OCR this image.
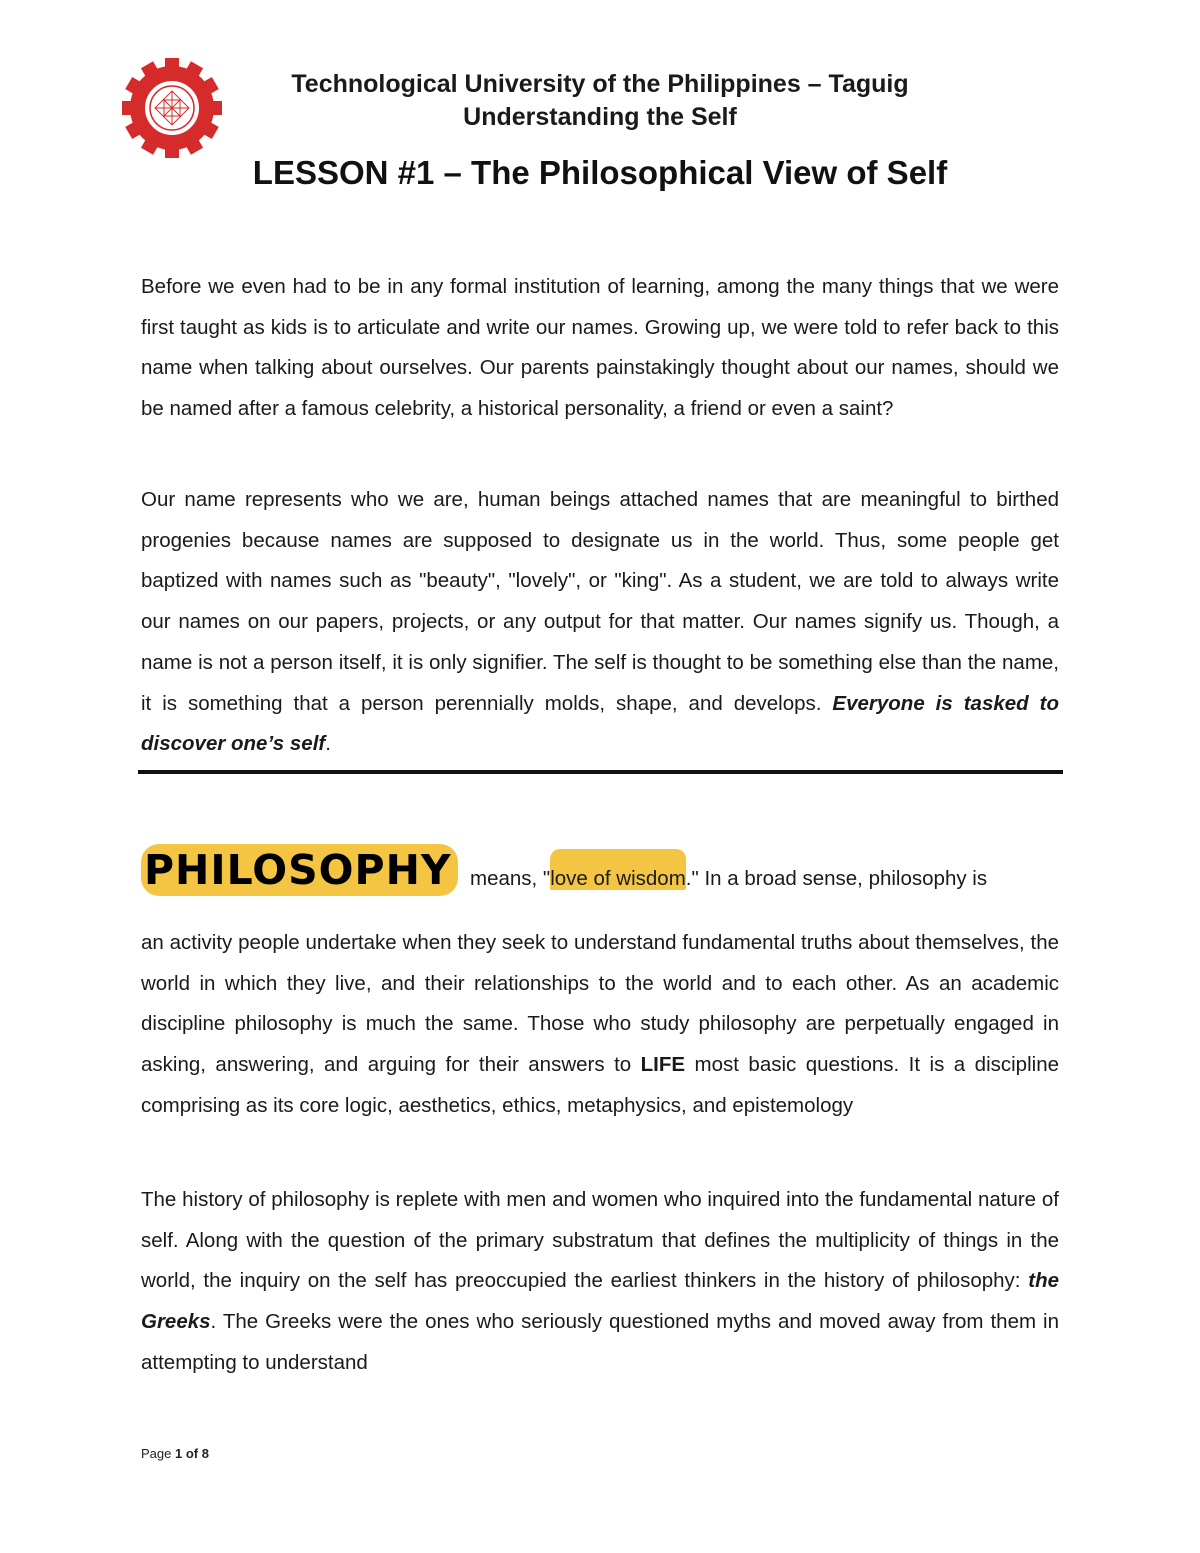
Technological University of the Philippines – Taguig
Understanding the Self
LESSON #1 – The Philosophical View of Self

Before we even had to be in any formal institution of learning, among the many things that we were first taught as kids is to articulate and write our names. Growing up, we were told to refer back to this name when talking about ourselves. Our parents painstakingly thought about our names, should we be named after a famous celebrity, a historical personality, a friend or even a saint?

Our name represents who we are, human beings attached names that are meaningful to birthed progenies because names are supposed to designate us in the world. Thus, some people get baptized with names such as "beauty", "lovely", or "king". As a student, we are told to always write our names on our papers, projects, or any output for that matter. Our names signify us. Though, a name is not a person itself, it is only signifier. The self is thought to be something else than the name, it is something that a person perennially molds, shape, and develops. Everyone is tasked to discover one’s self.

PHILOSOPHY means, "love of wisdom." In a broad sense, philosophy is

an activity people undertake when they seek to understand fundamental truths about themselves, the world in which they live, and their relationships to the world and to each other. As an academic discipline philosophy is much the same. Those who study philosophy are perpetually engaged in asking, answering, and arguing for their answers to LIFE most basic questions. It is a discipline comprising as its core logic, aesthetics, ethics, metaphysics, and epistemology

The history of philosophy is replete with men and women who inquired into the fundamental nature of self. Along with the question of the primary substratum that defines the multiplicity of things in the world, the inquiry on the self has preoccupied the earliest thinkers in the history of philosophy: the Greeks. The Greeks were the ones who seriously questioned myths and moved away from them in attempting to understand

Page 1 of 8
